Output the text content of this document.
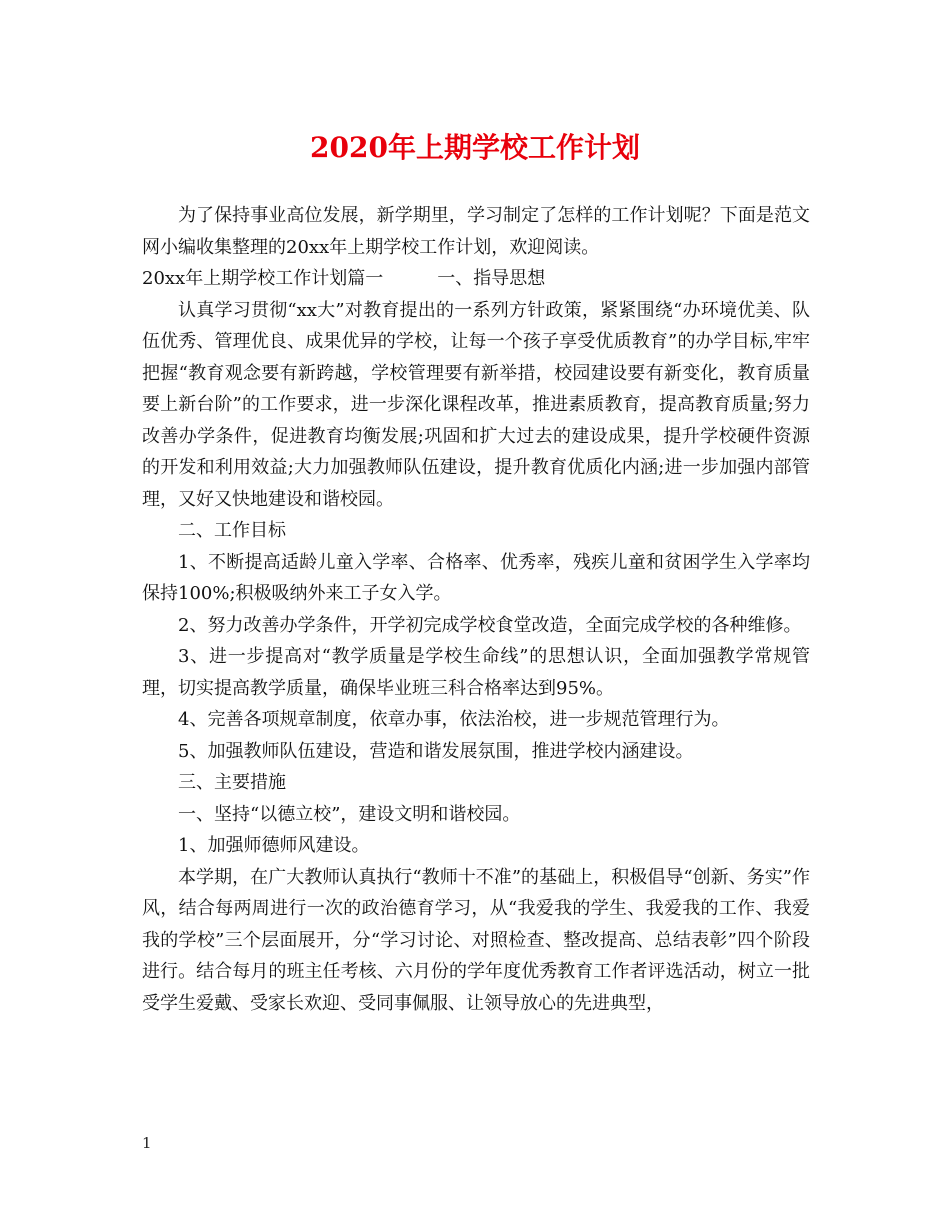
2020年上期学校工作计划

为了保持事业高位发展，新学期里，学习制定了怎样的工作计划呢？下面是范文网小编收集整理的20xx年上期学校工作计划，欢迎阅读。

20xx年上期学校工作计划篇一　　　一、指导思想

认真学习贯彻“xx大”对教育提出的一系列方针政策，紧紧围绕“办环境优美、队伍优秀、管理优良、成果优异的学校，让每一个孩子享受优质教育”的办学目标,牢牢把握“教育观念要有新跨越，学校管理要有新举措，校园建设要有新变化，教育质量要上新台阶”的工作要求，进一步深化课程改革，推进素质教育，提高教育质量;努力改善办学条件，促进教育均衡发展;巩固和扩大过去的建设成果，提升学校硬件资源的开发和利用效益;大力加强教师队伍建设，提升教育优质化内涵;进一步加强内部管理，又好又快地建设和谐校园。

二、工作目标

1、不断提高适龄儿童入学率、合格率、优秀率，残疾儿童和贫困学生入学率均保持100%;积极吸纳外来工子女入学。

2、努力改善办学条件，开学初完成学校食堂改造，全面完成学校的各种维修。

3、进一步提高对“教学质量是学校生命线”的思想认识，全面加强教学常规管理，切实提高教学质量，确保毕业班三科合格率达到95%。

4、完善各项规章制度，依章办事，依法治校，进一步规范管理行为。

5、加强教师队伍建设，营造和谐发展氛围，推进学校内涵建设。

三、主要措施

一、坚持“以德立校”，建设文明和谐校园。

1、加强师德师风建设。

本学期，在广大教师认真执行“教师十不准”的基础上，积极倡导“创新、务实”作风，结合每两周进行一次的政治德育学习，从“我爱我的学生、我爱我的工作、我爱我的学校”三个层面展开，分“学习讨论、对照检查、整改提高、总结表彰”四个阶段进行。结合每月的班主任考核、六月份的学年度优秀教育工作者评选活动，树立一批受学生爱戴、受家长欢迎、受同事佩服、让领导放心的先进典型，

1
